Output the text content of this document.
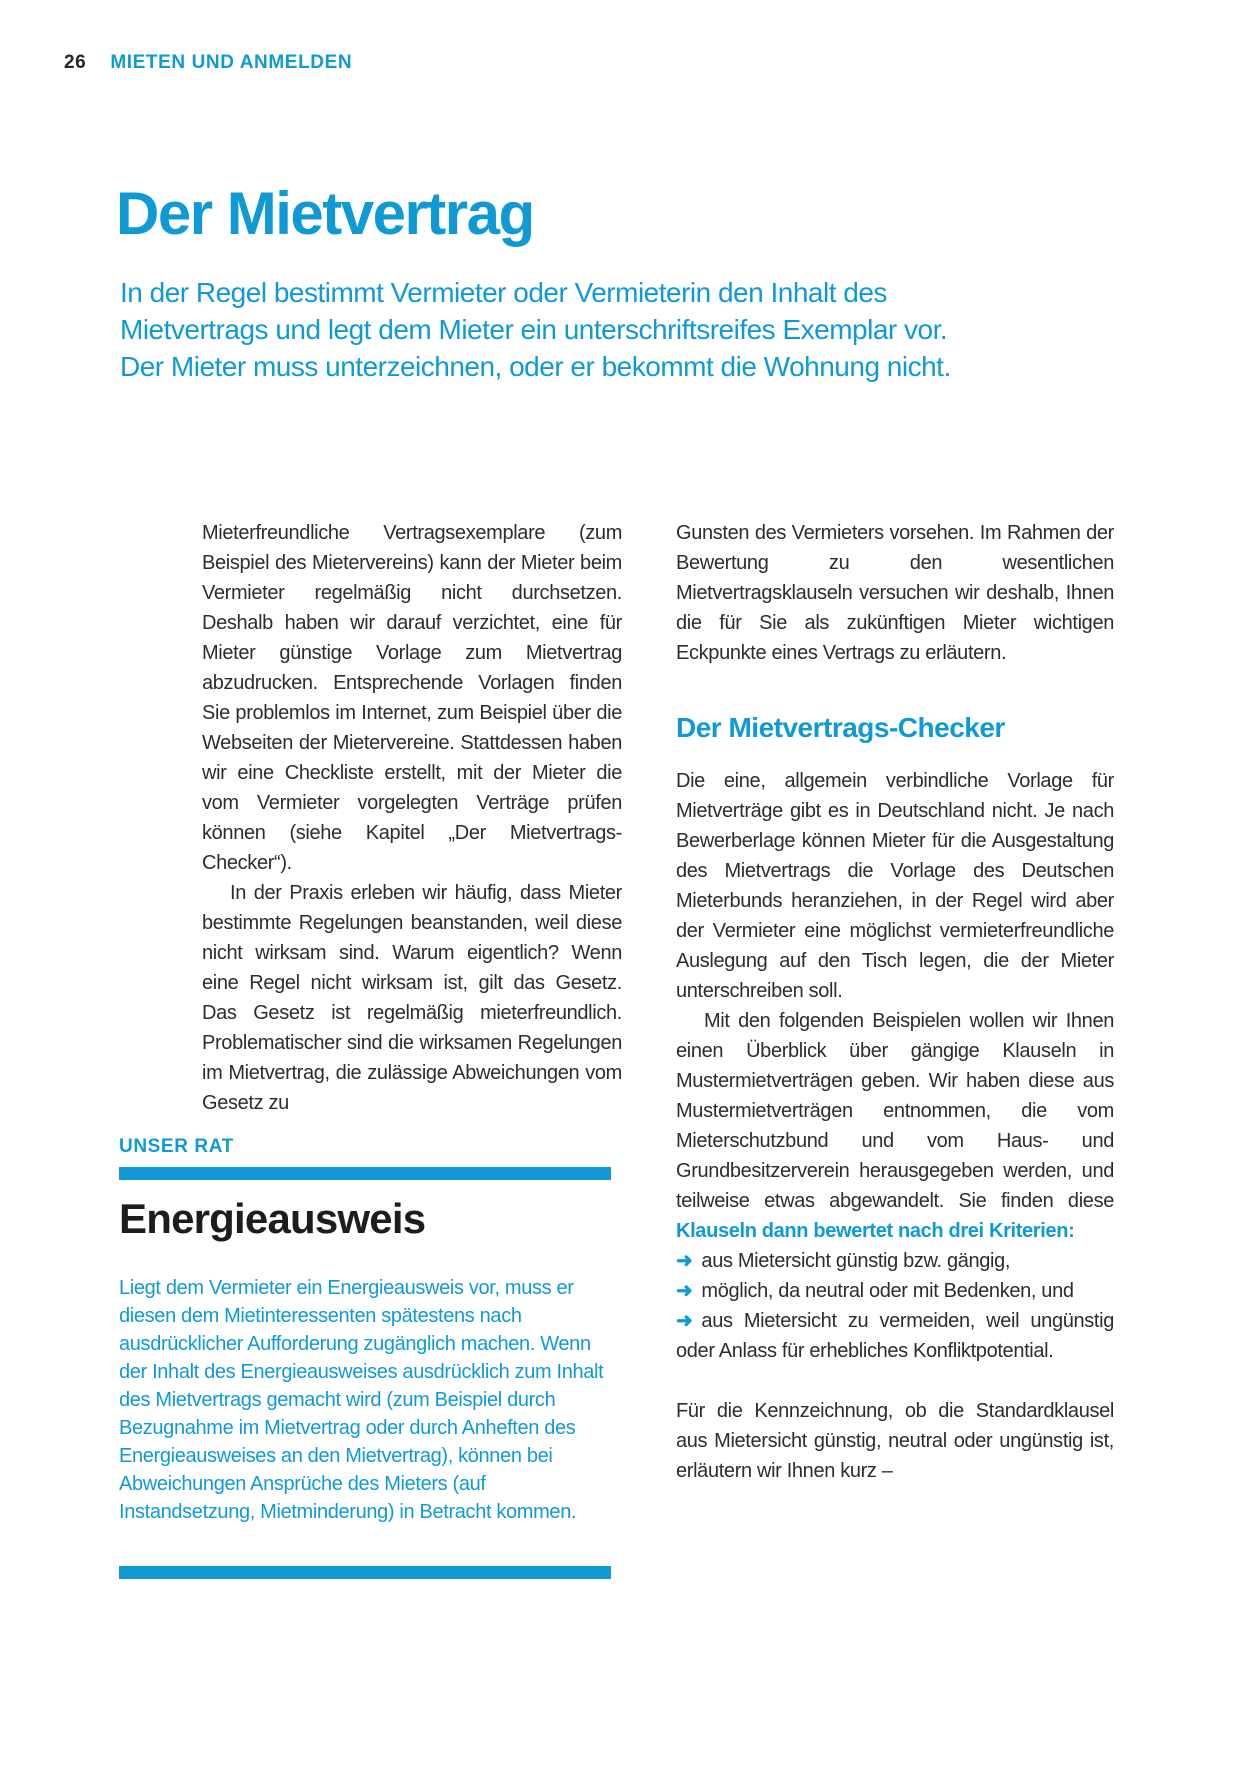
26 MIETEN UND ANMELDEN
Der Mietvertrag

In der Regel bestimmt Vermieter oder Vermieterin den Inhalt des Mietvertrags und legt dem Mieter ein unterschriftsreifes Exemplar vor. Der Mieter muss unterzeichnen, oder er bekommt die Wohnung nicht.

Mieterfreundliche Vertragsexemplare (zum Beispiel des Mietervereins) kann der Mieter beim Vermieter regelmäßig nicht durchsetzen. Deshalb haben wir darauf verzichtet, eine für Mieter günstige Vorlage zum Mietvertrag abzudrucken. Entsprechende Vorlagen finden Sie problemlos im Internet, zum Beispiel über die Webseiten der Mietervereine. Stattdessen haben wir eine Checkliste erstellt, mit der Mieter die vom Vermieter vorgelegten Verträge prüfen können (siehe Kapitel „Der Mietvertrags-Checker“).

In der Praxis erleben wir häufig, dass Mieter bestimmte Regelungen beanstanden, weil diese nicht wirksam sind. Warum eigentlich? Wenn eine Regel nicht wirksam ist, gilt das Gesetz. Das Gesetz ist regelmäßig mieterfreundlich. Problematischer sind die wirksamen Regelungen im Mietvertrag, die zulässige Abweichungen vom Gesetz zu

UNSER RAT
Energieausweis

Liegt dem Vermieter ein Energieausweis vor, muss er diesen dem Mietinteressenten spätestens nach ausdrücklicher Aufforderung zugänglich machen. Wenn der Inhalt des Energieausweises ausdrücklich zum Inhalt des Mietvertrags gemacht wird (zum Beispiel durch Bezugnahme im Mietvertrag oder durch Anheften des Energieausweises an den Mietvertrag), können bei Abweichungen Ansprüche des Mieters (auf Instandsetzung, Mietminderung) in Betracht kommen.

Gunsten des Vermieters vorsehen. Im Rahmen der Bewertung zu den wesentlichen Mietvertragsklauseln versuchen wir deshalb, Ihnen die für Sie als zukünftigen Mieter wichtigen Eckpunkte eines Vertrags zu erläutern.

Der Mietvertrags-Checker

Die eine, allgemein verbindliche Vorlage für Mietverträge gibt es in Deutschland nicht. Je nach Bewerberlage können Mieter für die Ausgestaltung des Mietvertrags die Vorlage des Deutschen Mieterbunds heranziehen, in der Regel wird aber der Vermieter eine möglichst vermieterfreundliche Auslegung auf den Tisch legen, die der Mieter unterschreiben soll.

Mit den folgenden Beispielen wollen wir Ihnen einen Überblick über gängige Klauseln in Mustermietverträgen geben. Wir haben diese aus Mustermietverträgen entnommen, die vom Mieterschutzbund und vom Haus- und Grundbesitzerverein herausgegeben werden, und teilweise etwas abgewandelt. Sie finden diese Klauseln dann bewertet nach drei Kriterien:

➜ aus Mietersicht günstig bzw. gängig,

➜ möglich, da neutral oder mit Bedenken, und

➜ aus Mietersicht zu vermeiden, weil ungünstig oder Anlass für erhebliches Konfliktpotential.

Für die Kennzeichnung, ob die Standardklausel aus Mietersicht günstig, neutral oder ungünstig ist, erläutern wir Ihnen kurz –
